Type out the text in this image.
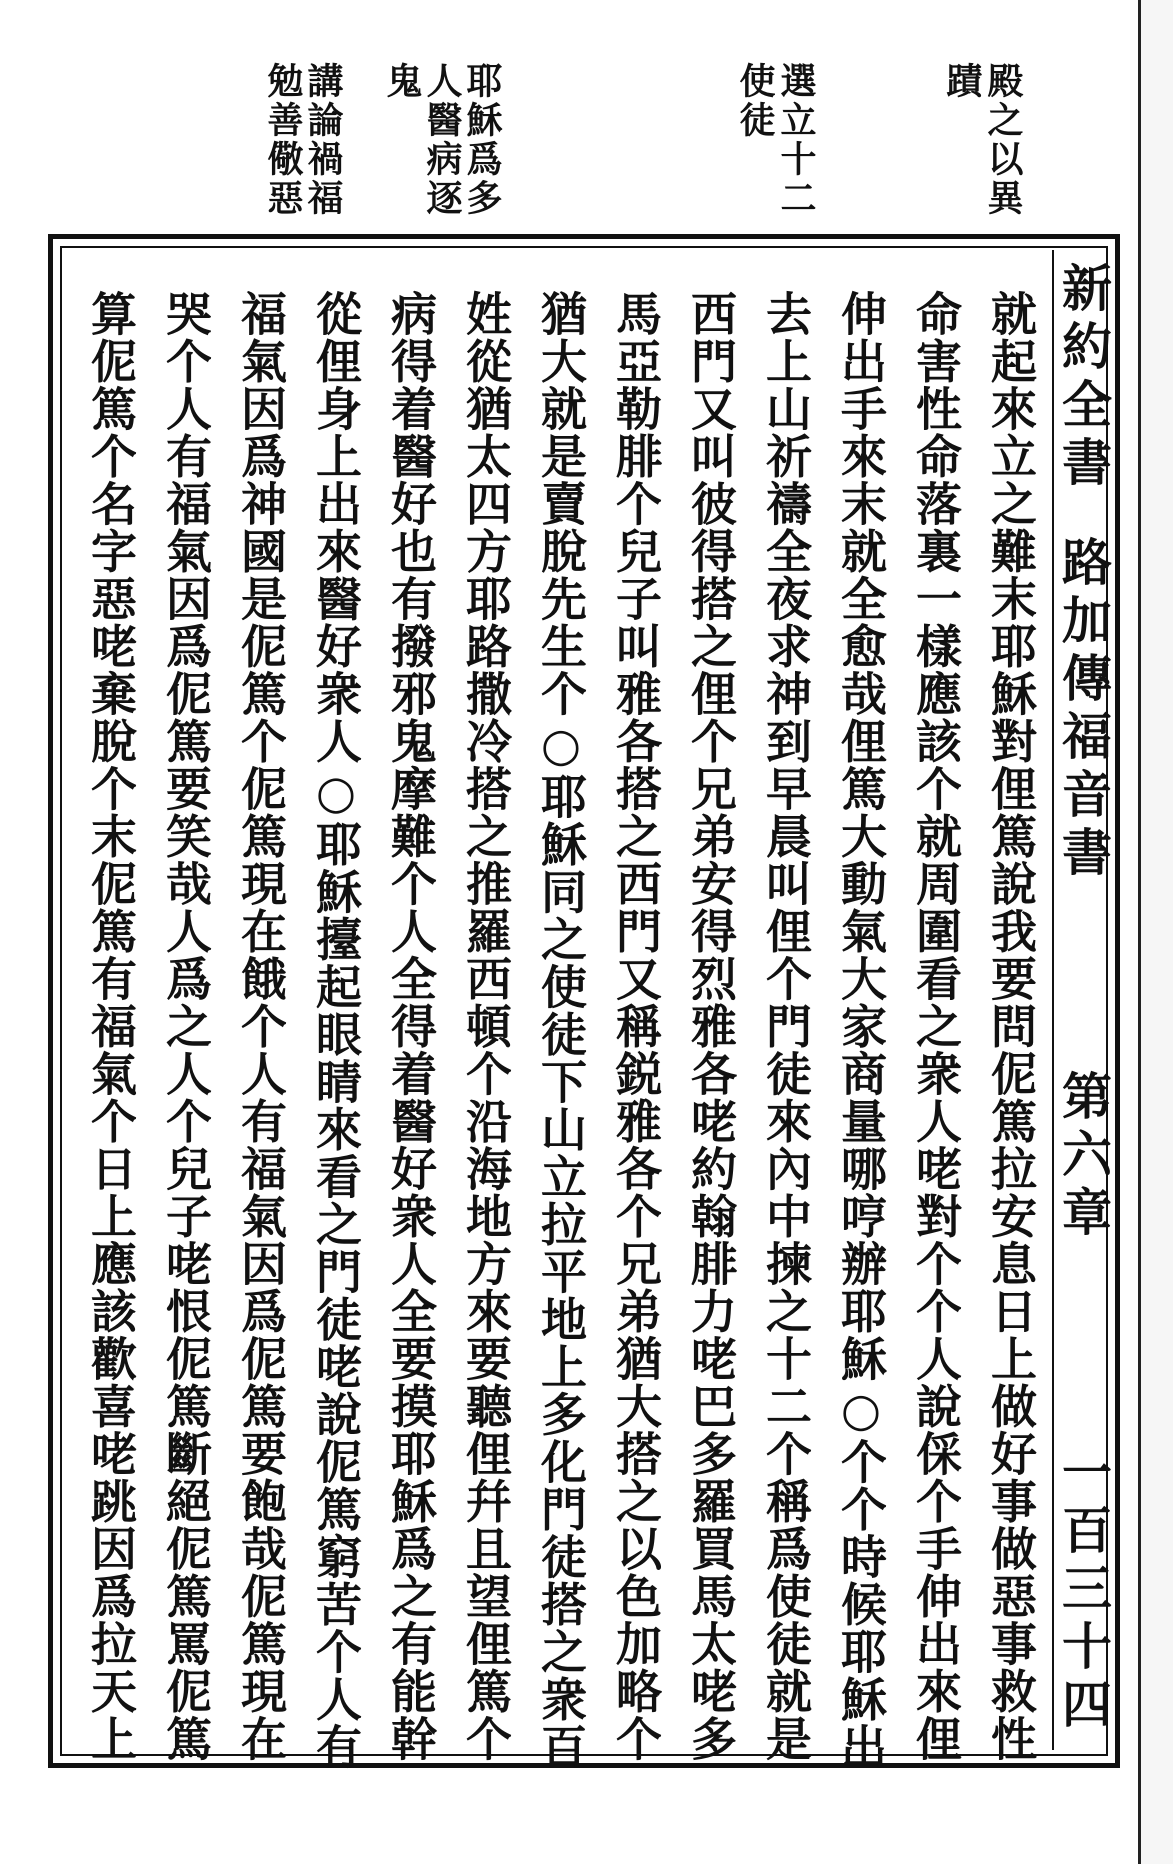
殿之以異
蹟
選立十二
使徒
耶穌爲多
人醫病逐
鬼
講論禍福
勉善儆惡
新約全書
路加傳福音書
第六章
一百三十四
就起來立之難末耶穌對俚篤說我要問伲篤拉安息日上做好事做惡事救性
命害性命落裏一樣應該个就周圍看之衆人咾對个个人說倸个手伸出來俚
伸出手來末就全愈哉俚篤大動氣大家商量哪哼辦耶穌○个个時候耶穌出
去上山祈禱全夜求神到早晨叫俚个門徒來內中揀之十二个稱爲使徒就是
西門又叫彼得搭之俚个兄弟安得烈雅各咾約翰腓力咾巴多羅買馬太咾多
馬亞勒腓个兒子叫雅各搭之西門又稱鋭雅各个兄弟猶大搭之以色加略个
猶大就是賣脫先生个○耶穌同之使徒下山立拉平地上多化門徒搭之衆百
姓從猶太四方耶路撒冷搭之推羅西頓个沿海地方來要聽俚幷且望俚篤个
病得着醫好也有撥邪鬼摩難个人全得着醫好衆人全要摸耶穌爲之有能幹
從俚身上出來醫好衆人○耶穌擡起眼睛來看之門徒咾說伲篤窮苦个人有
福氣因爲神國是伲篤个伲篤現在餓个人有福氣因爲伲篤要飽哉伲篤現在
哭个人有福氣因爲伲篤要笑哉人爲之人个兒子咾恨伲篤斷絕伲篤罵伲篤
算伲篤个名字惡咾棄脫个末伲篤有福氣个日上應該歡喜咾跳因爲拉天上
